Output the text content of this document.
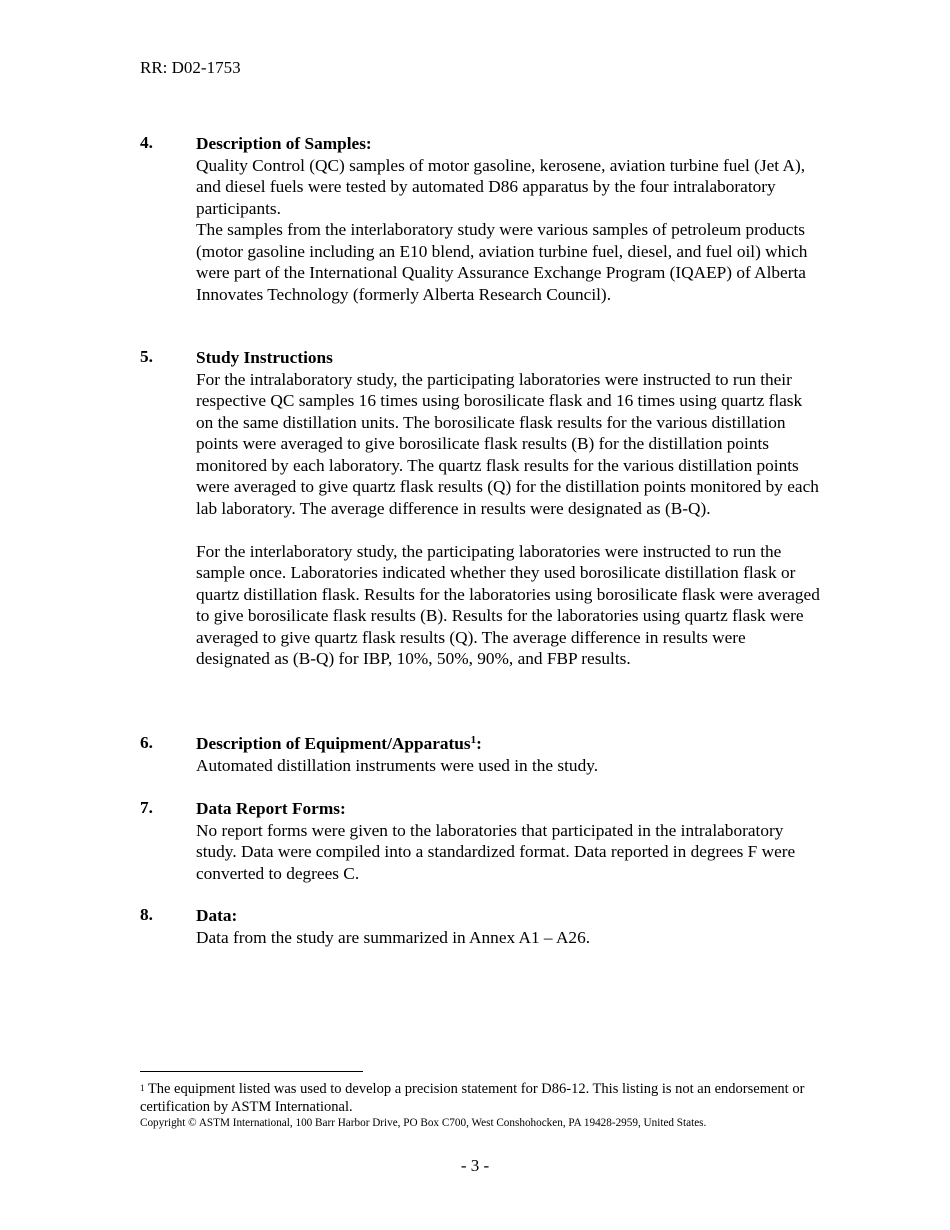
RR: D02-1753
4. Description of Samples:

Quality Control (QC) samples of motor gasoline, kerosene, aviation turbine fuel (Jet A), and diesel fuels were tested by automated D86 apparatus by the four intralaboratory participants.

The samples from the interlaboratory study were various samples of petroleum products (motor gasoline including an E10 blend, aviation turbine fuel, diesel, and fuel oil) which were part of the International Quality Assurance Exchange Program (IQAEP) of Alberta Innovates Technology (formerly Alberta Research Council).

5. Study Instructions

For the intralaboratory study, the participating laboratories were instructed to run their respective QC samples 16 times using borosilicate flask and 16 times using quartz flask on the same distillation units. The borosilicate flask results for the various distillation points were averaged to give borosilicate flask results (B) for the distillation points monitored by each laboratory. The quartz flask results for the various distillation points were averaged to give quartz flask results (Q) for the distillation points monitored by each lab laboratory. The average difference in results were designated as (B-Q).

For the interlaboratory study, the participating laboratories were instructed to run the sample once. Laboratories indicated whether they used borosilicate distillation flask or quartz distillation flask. Results for the laboratories using borosilicate flask were averaged to give borosilicate flask results (B). Results for the laboratories using quartz flask were averaged to give quartz flask results (Q). The average difference in results were designated as (B-Q) for IBP, 10%, 50%, 90%, and FBP results.

6. Description of Equipment/Apparatus$^1$:

Automated distillation instruments were used in the study.

7. Data Report Forms:

No report forms were given to the laboratories that participated in the intralaboratory study. Data were compiled into a standardized format. Data reported in degrees F were converted to degrees C.

8. Data:

Data from the study are summarized in Annex A1 – A26.

$^1$ The equipment listed was used to develop a precision statement for D86-12. This listing is not an endorsement or certification by ASTM International.
Copyright © ASTM International, 100 Barr Harbor Drive, PO Box C700, West Conshohocken, PA 19428-2959, United States.
- 3 -
